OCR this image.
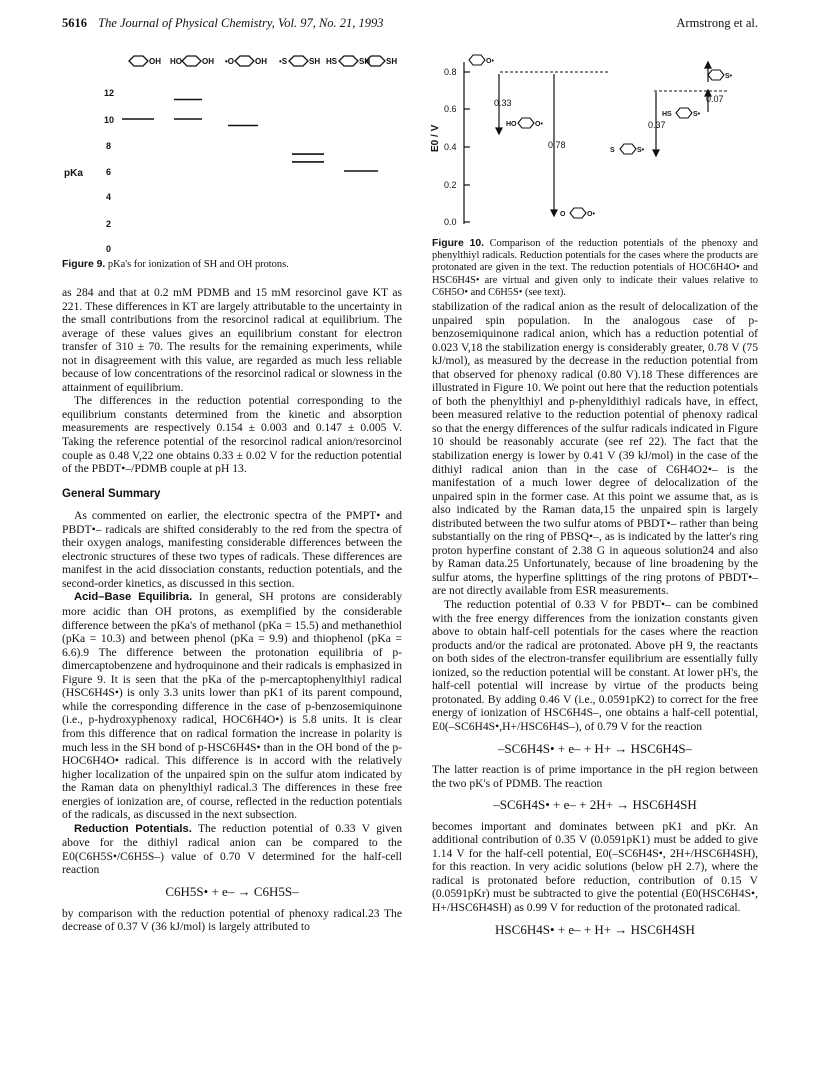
5616 The Journal of Physical Chemistry, Vol. 97, No. 21, 1993	Armstrong et al.
OH HO	OH •O	OH •S	SH HS	SH SH
12
10
8
6
4
2
0
pKa
Figure 9. pKa's for ionization of SH and OH protons.
0.8
0.6
0.4
0.2
0.0
E0 / V
0.33
0.78
0.07
0.37
O•
HO	O•
S•
HS	S•
S	S•
O	O•
Figure 10. Comparison of the reduction potentials of the phenoxy and phenylthiyl radicals. Reduction potentials for the cases where the products are protonated are given in the text. The reduction potentials of HOC6H4O• and HSC6H4S• are virtual and given only to indicate their values relative to C6H5O• and C6H5S• (see text).

as 284 and that at 0.2 mM PDMB and 15 mM resorcinol gave KT as 221. These differences in KT are largely attributable to the uncertainty in the small contributions from the resorcinol radical at equilibrium. The average of these values gives an equilibrium constant for electron transfer of 310 ± 70. The results for the remaining experiments, while not in disagreement with this value, are regarded as much less reliable because of low concentrations of the resorcinol radical or slowness in the attainment of equilibrium.

The differences in the reduction potential corresponding to the equilibrium constants determined from the kinetic and absorption measurements are respectively 0.154 ± 0.003 and 0.147 ± 0.005 V. Taking the reference potential of the resorcinol radical anion/resorcinol couple as 0.48 V,22 one obtains 0.33 ± 0.02 V for the reduction potential of the PBDT•–/PDMB couple at pH 13.

General Summary

As commented on earlier, the electronic spectra of the PMPT• and PBDT•– radicals are shifted considerably to the red from the spectra of their oxygen analogs, manifesting considerable differences between the electronic structures of these two types of radicals. These differences are manifest in the acid dissociation constants, reduction potentials, and the second-order kinetics, as discussed in this section.

Acid–Base Equilibria. In general, SH protons are considerably more acidic than OH protons, as exemplified by the considerable difference between the pKa's of methanol (pKa = 15.5) and methanethiol (pKa = 10.3) and between phenol (pKa = 9.9) and thiophenol (pKa = 6.6).9 The difference between the protonation equilibria of p-dimercaptobenzene and hydroquinone and their radicals is emphasized in Figure 9. It is seen that the pKa of the p-mercaptophenylthiyl radical (HSC6H4S•) is only 3.3 units lower than pK1 of its parent compound, while the corresponding difference in the case of p-benzosemiquinone (i.e., p-hydroxyphenoxy radical, HOC6H4O•) is 5.8 units. It is clear from this difference that on radical formation the increase in polarity is much less in the SH bond of p-HSC6H4S• than in the OH bond of the p-HOC6H4O• radical. This difference is in accord with the relatively higher localization of the unpaired spin on the sulfur atom indicated by the Raman data on phenylthiyl radical.3 The differences in these free energies of ionization are, of course, reflected in the reduction potentials of the radicals, as discussed in the next subsection.

Reduction Potentials. The reduction potential of 0.33 V given above for the dithiyl radical anion can be compared to the E0(C6H5S•/C6H5S–) value of 0.70 V determined for the half-cell reaction

C6H5S• + e– → C6H5S–

by comparison with the reduction potential of phenoxy radical.23 The decrease of 0.37 V (36 kJ/mol) is largely attributed to

stabilization of the radical anion as the result of delocalization of the unpaired spin population. In the analogous case of p-benzosemiquinone radical anion, which has a reduction potential of 0.023 V,18 the stabilization energy is considerably greater, 0.78 V (75 kJ/mol), as measured by the decrease in the reduction potential from that observed for phenoxy radical (0.80 V).18 These differences are illustrated in Figure 10. We point out here that the reduction potentials of both the phenylthiyl and p-phenyldithiyl radicals have, in effect, been measured relative to the reduction potential of phenoxy radical so that the energy differences of the sulfur radicals indicated in Figure 10 should be reasonably accurate (see ref 22). The fact that the stabilization energy is lower by 0.41 V (39 kJ/mol) in the case of the dithiyl radical anion than in the case of C6H4O2•– is the manifestation of a much lower degree of delocalization of the unpaired spin in the former case. At this point we assume that, as is also indicated by the Raman data,15 the unpaired spin is largely distributed between the two sulfur atoms of PBDT•– rather than being substantially on the ring of PBSQ•–, as is indicated by the latter's ring proton hyperfine constant of 2.38 G in aqueous solution24 and also by Raman data.25 Unfortunately, because of line broadening by the sulfur atoms, the hyperfine splittings of the ring protons of PBDT•– are not directly available from ESR measurements.

The reduction potential of 0.33 V for PBDT•– can be combined with the free energy differences from the ionization constants given above to obtain half-cell potentials for the cases where the reaction products and/or the radical are protonated. Above pH 9, the reactants on both sides of the electron-transfer equilibrium are essentially fully ionized, so the reduction potential will be constant. At lower pH's, the half-cell potential will increase by virtue of the products being protonated. By adding 0.46 V (i.e., 0.0591pK2) to correct for the free energy of ionization of HSC6H4S–, one obtains a half-cell potential, E0(–SC6H4S•,H+/HSC6H4S–), of 0.79 V for the reaction

–SC6H4S• + e– + H+ → HSC6H4S–

The latter reaction is of prime importance in the pH region between the two pK's of PDMB. The reaction

–SC6H4S• + e– + 2H+ → HSC6H4SH

becomes important and dominates between pK1 and pKr. An additional contribution of 0.35 V (0.0591pK1) must be added to give 1.14 V for the half-cell potential, E0(–SC6H4S•, 2H+/HSC6H4SH), for this reaction. In very acidic solutions (below pH 2.7), where the radical is protonated before reduction, contribution of 0.15 V (0.0591pKr) must be subtracted to give the potential (E0(HSC6H4S•, H+/HSC6H4SH) as 0.99 V for reduction of the protonated radical.

HSC6H4S• + e– + H+ → HSC6H4SH
